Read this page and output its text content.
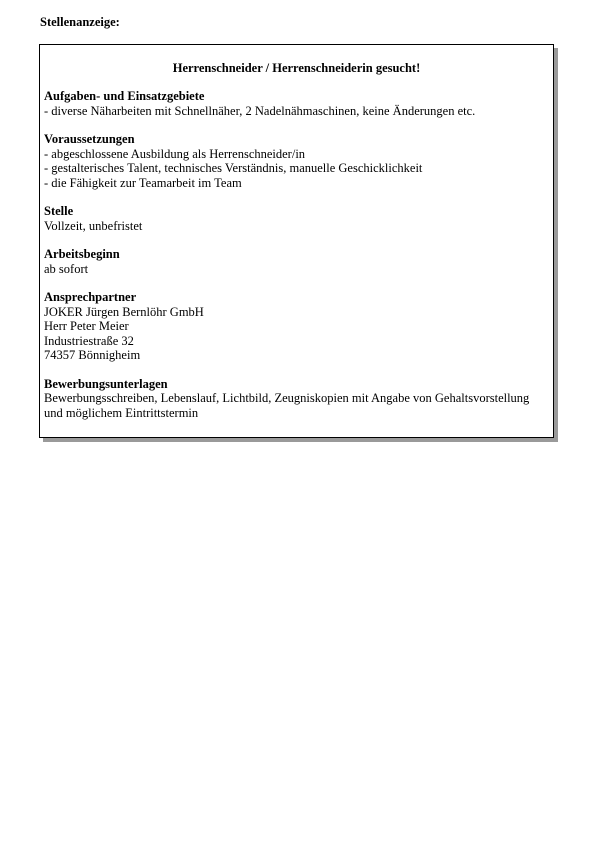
Stellenanzeige:
Herrenschneider / Herrenschneiderin gesucht!
Aufgaben- und Einsatzgebiete
- diverse Näharbeiten mit Schnellnäher, 2 Nadelnähmaschinen, keine Änderungen etc.
Voraussetzungen
- abgeschlossene Ausbildung als Herrenschneider/in
- gestalterisches Talent, technisches Verständnis, manuelle Geschicklichkeit
- die Fähigkeit zur Teamarbeit im Team
Stelle
Vollzeit, unbefristet
Arbeitsbeginn
ab sofort
Ansprechpartner
JOKER Jürgen Bernlöhr GmbH
Herr Peter Meier
Industriestraße 32
74357 Bönnigheim
Bewerbungsunterlagen
Bewerbungsschreiben, Lebenslauf, Lichtbild, Zeugniskopien mit Angabe von Gehaltsvorstellung und möglichem Eintrittstermin
